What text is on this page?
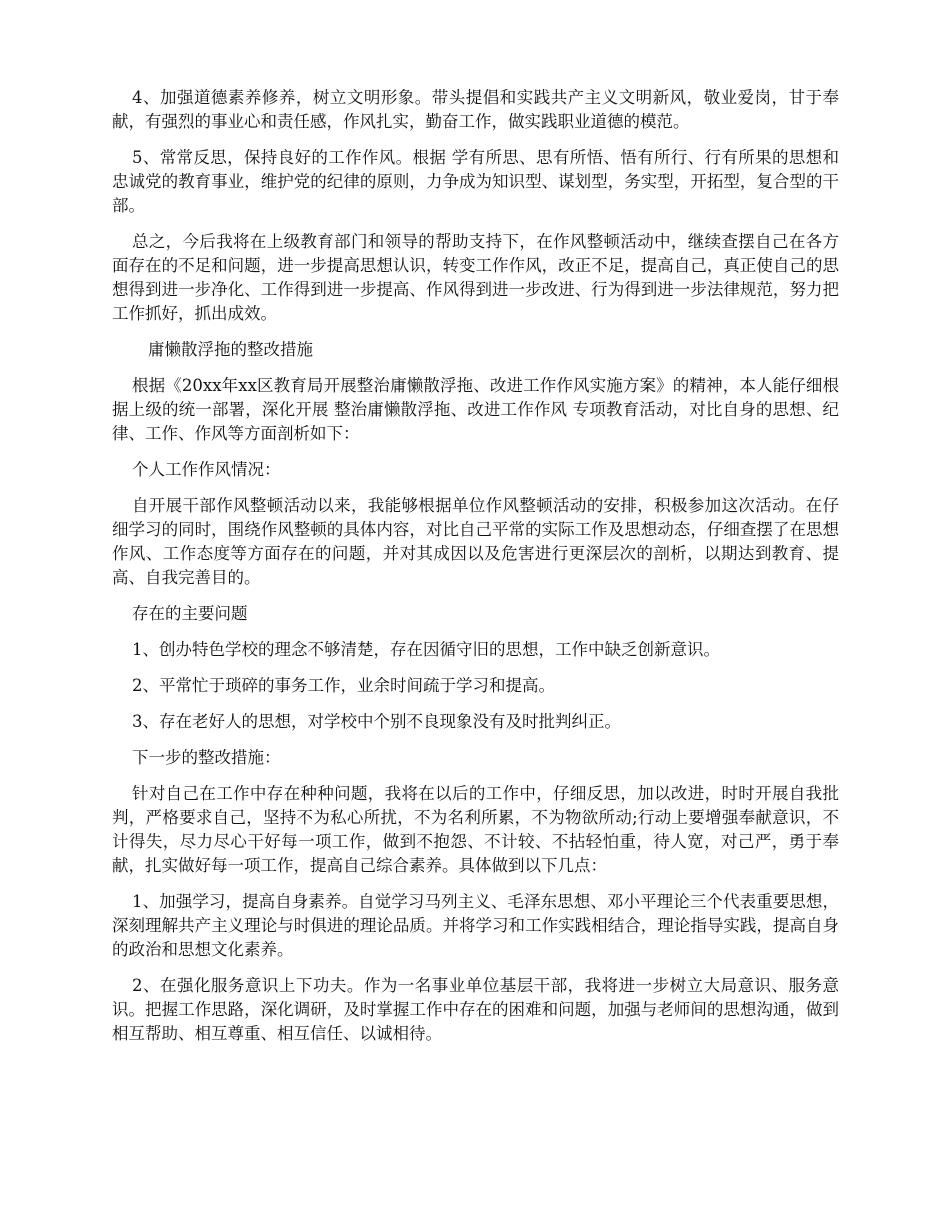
4、加强道德素养修养，树立文明形象。带头提倡和实践共产主义文明新风，敬业爱岗，甘于奉献，有强烈的事业心和责任感，作风扎实，勤奋工作，做实践职业道德的模范。

5、常常反思，保持良好的工作作风。根据 学有所思、思有所悟、悟有所行、行有所果的思想和忠诚党的教育事业，维护党的纪律的原则，力争成为知识型、谋划型，务实型，开拓型，复合型的干部。

总之，今后我将在上级教育部门和领导的帮助支持下，在作风整顿活动中，继续查摆自己在各方面存在的不足和问题，进一步提高思想认识，转变工作作风，改正不足，提高自己，真正使自己的思想得到进一步净化、工作得到进一步提高、作风得到进一步改进、行为得到进一步法律规范，努力把工作抓好，抓出成效。

庸懒散浮拖的整改措施

根据《20xx年xx区教育局开展整治庸懒散浮拖、改进工作作风实施方案》的精神，本人能仔细根据上级的统一部署，深化开展 整治庸懒散浮拖、改进工作作风 专项教育活动，对比自身的思想、纪律、工作、作风等方面剖析如下：

个人工作作风情况：

自开展干部作风整顿活动以来，我能够根据单位作风整顿活动的安排，积极参加这次活动。在仔细学习的同时，围绕作风整顿的具体内容，对比自己平常的实际工作及思想动态，仔细查摆了在思想作风、工作态度等方面存在的问题，并对其成因以及危害进行更深层次的剖析，以期达到教育、提高、自我完善目的。

存在的主要问题

1、创办特色学校的理念不够清楚，存在因循守旧的思想，工作中缺乏创新意识。

2、平常忙于琐碎的事务工作，业余时间疏于学习和提高。

3、存在老好人的思想，对学校中个别不良现象没有及时批判纠正。

下一步的整改措施：

针对自己在工作中存在种种问题，我将在以后的工作中，仔细反思，加以改进，时时开展自我批判，严格要求自己，坚持不为私心所扰，不为名利所累，不为物欲所动;行动上要增强奉献意识，不计得失，尽力尽心干好每一项工作，做到不抱怨、不计较、不拈轻怕重，待人宽，对己严，勇于奉献，扎实做好每一项工作，提高自己综合素养。具体做到以下几点：

1、加强学习，提高自身素养。自觉学习马列主义、毛泽东思想、邓小平理论三个代表重要思想，深刻理解共产主义理论与时俱进的理论品质。并将学习和工作实践相结合，理论指导实践，提高自身的政治和思想文化素养。

2、在强化服务意识上下功夫。作为一名事业单位基层干部，我将进一步树立大局意识、服务意识。把握工作思路，深化调研，及时掌握工作中存在的困难和问题，加强与老师间的思想沟通，做到相互帮助、相互尊重、相互信任、以诚相待。
